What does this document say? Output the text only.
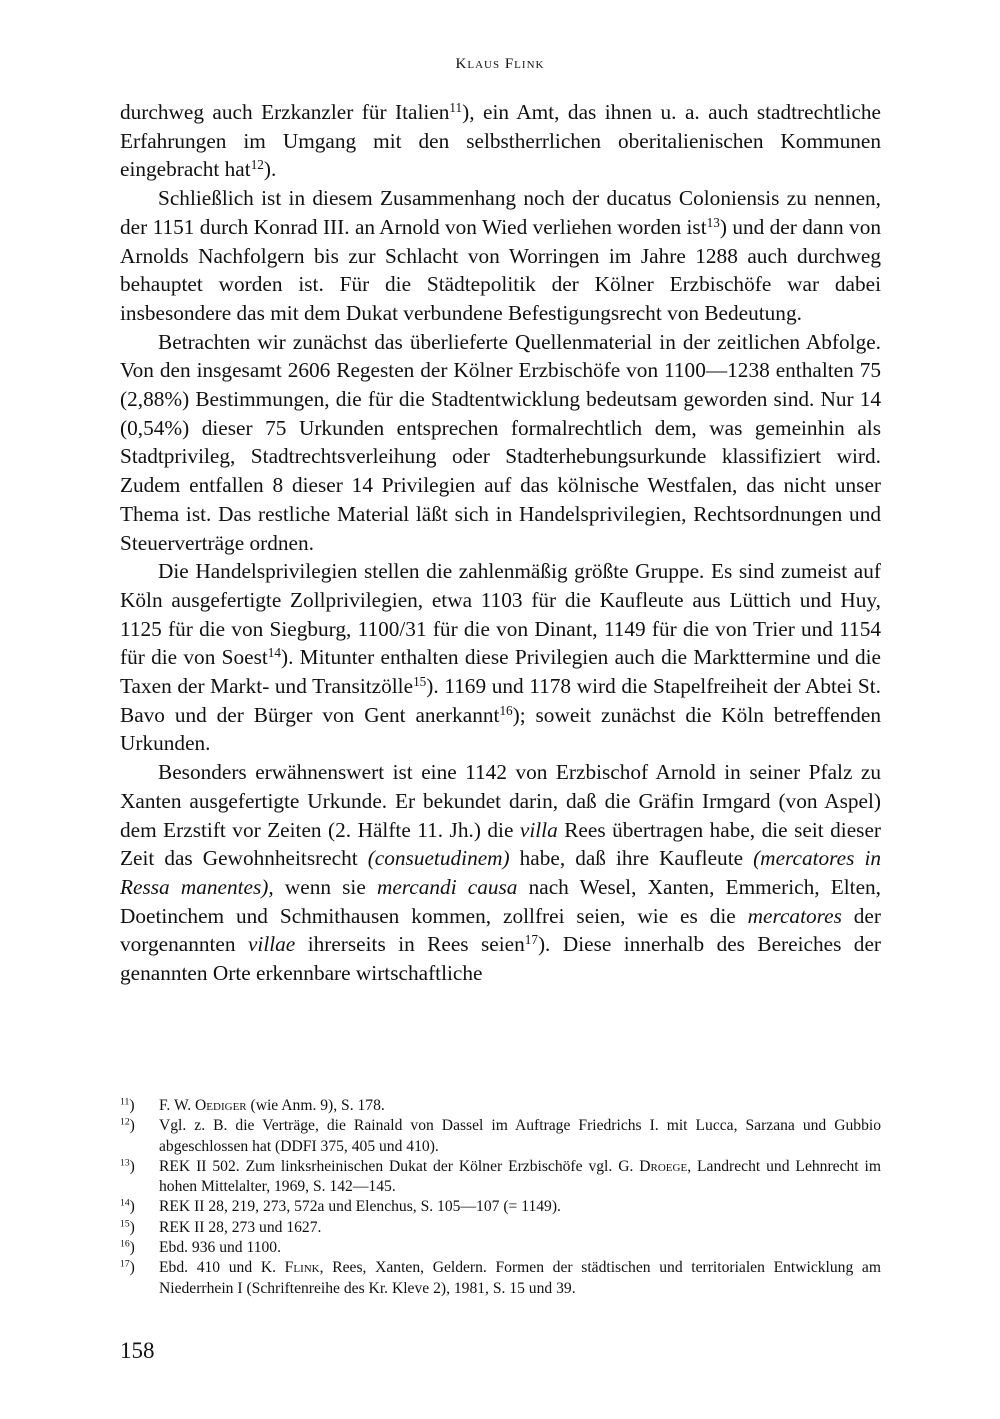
Klaus Flink

durchweg auch Erzkanzler für Italien$^{11}$), ein Amt, das ihnen u. a. auch stadtrechtliche Erfahrungen im Umgang mit den selbstherrlichen oberitalienischen Kommunen eingebracht hat$^{12}$).

Schließlich ist in diesem Zusammenhang noch der ducatus Coloniensis zu nennen, der 1151 durch Konrad III. an Arnold von Wied verliehen worden ist$^{13}$) und der dann von Arnolds Nachfolgern bis zur Schlacht von Worringen im Jahre 1288 auch durchweg behauptet worden ist. Für die Städtepolitik der Kölner Erzbischöfe war dabei insbesondere das mit dem Dukat verbundene Befestigungsrecht von Bedeutung.

Betrachten wir zunächst das überlieferte Quellenmaterial in der zeitlichen Abfolge. Von den insgesamt 2606 Regesten der Kölner Erzbischöfe von 1100—1238 enthalten 75 (2,88%) Bestimmungen, die für die Stadtentwicklung bedeutsam geworden sind. Nur 14 (0,54%) dieser 75 Urkunden entsprechen formalrechtlich dem, was gemeinhin als Stadtprivileg, Stadtrechtsverleihung oder Stadterhebungsurkunde klassifiziert wird. Zudem entfallen 8 dieser 14 Privilegien auf das kölnische Westfalen, das nicht unser Thema ist. Das restliche Material läßt sich in Handelsprivilegien, Rechtsordnungen und Steuerverträge ordnen.

Die Handelsprivilegien stellen die zahlenmäßig größte Gruppe. Es sind zumeist auf Köln ausgefertigte Zollprivilegien, etwa 1103 für die Kaufleute aus Lüttich und Huy, 1125 für die von Siegburg, 1100/31 für die von Dinant, 1149 für die von Trier und 1154 für die von Soest$^{14}$). Mitunter enthalten diese Privilegien auch die Markttermine und die Taxen der Markt- und Transitzölle$^{15}$). 1169 und 1178 wird die Stapelfreiheit der Abtei St. Bavo und der Bürger von Gent anerkannt$^{16}$); soweit zunächst die Köln betreffenden Urkunden.

Besonders erwähnenswert ist eine 1142 von Erzbischof Arnold in seiner Pfalz zu Xanten ausgefertigte Urkunde. Er bekundet darin, daß die Gräfin Irmgard (von Aspel) dem Erzstift vor Zeiten (2. Hälfte 11. Jh.) die villa Rees übertragen habe, die seit dieser Zeit das Gewohnheitsrecht (consuetudinem) habe, daß ihre Kaufleute (mercatores in Ressa manentes), wenn sie mercandi causa nach Wesel, Xanten, Emmerich, Elten, Doetinchem und Schmithausen kommen, zollfrei seien, wie es die mercatores der vorgenannten villae ihrerseits in Rees seien$^{17}$). Diese innerhalb des Bereiches der genannten Orte erkennbare wirtschaftliche

$^{11}$) F. W. Oediger (wie Anm. 9), S. 178.

$^{12}$) Vgl. z. B. die Verträge, die Rainald von Dassel im Auftrage Friedrichs I. mit Lucca, Sarzana und Gubbio abgeschlossen hat (DDFI 375, 405 und 410).

$^{13}$) REK II 502. Zum linksrheinischen Dukat der Kölner Erzbischöfe vgl. G. Droege, Landrecht und Lehnrecht im hohen Mittelalter, 1969, S. 142—145.

$^{14}$) REK II 28, 219, 273, 572a und Elenchus, S. 105—107 (= 1149).

$^{15}$) REK II 28, 273 und 1627.

$^{16}$) Ebd. 936 und 1100.

$^{17}$) Ebd. 410 und K. Flink, Rees, Xanten, Geldern. Formen der städtischen und territorialen Entwicklung am Niederrhein I (Schriftenreihe des Kr. Kleve 2), 1981, S. 15 und 39.

158
